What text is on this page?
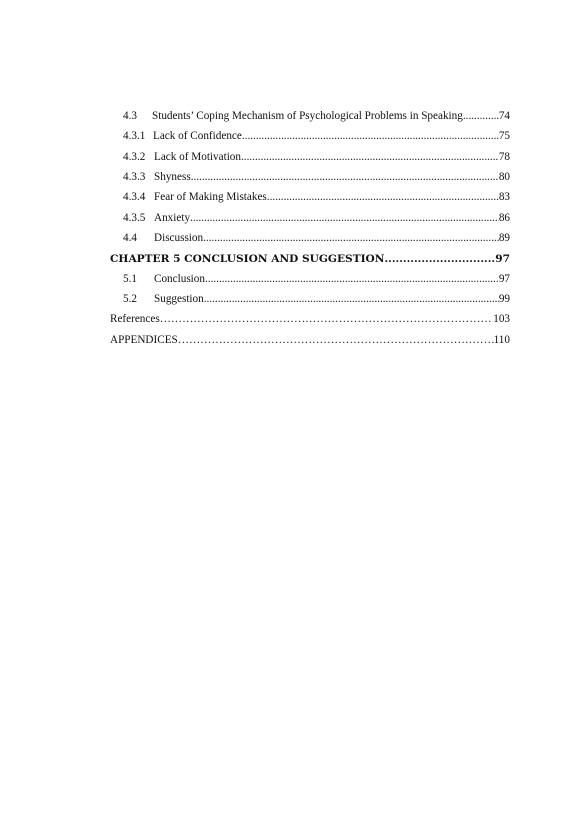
4.3	Students’ Coping Mechanism of Psychological Problems in Speaking .....	74
4.3.1 Lack of Confidence .....	75
4.3.2 Lack of Motivation .....	78
4.3.3 Shyness .....	80
4.3.4 Fear of Making Mistakes .....	83
4.3.5 Anxiety .....	86
4.4	Discussion .....	89
CHAPTER 5 CONCLUSION AND SUGGESTION .....	97
5.1	Conclusion .....	97
5.2	Suggestion .....	99
References ……………………………………………………………………………………………………………………………………………………………………………………………………	103
APPENDICES ……………………………………………………………………………………………………………………………………………………………………………………………………	110
